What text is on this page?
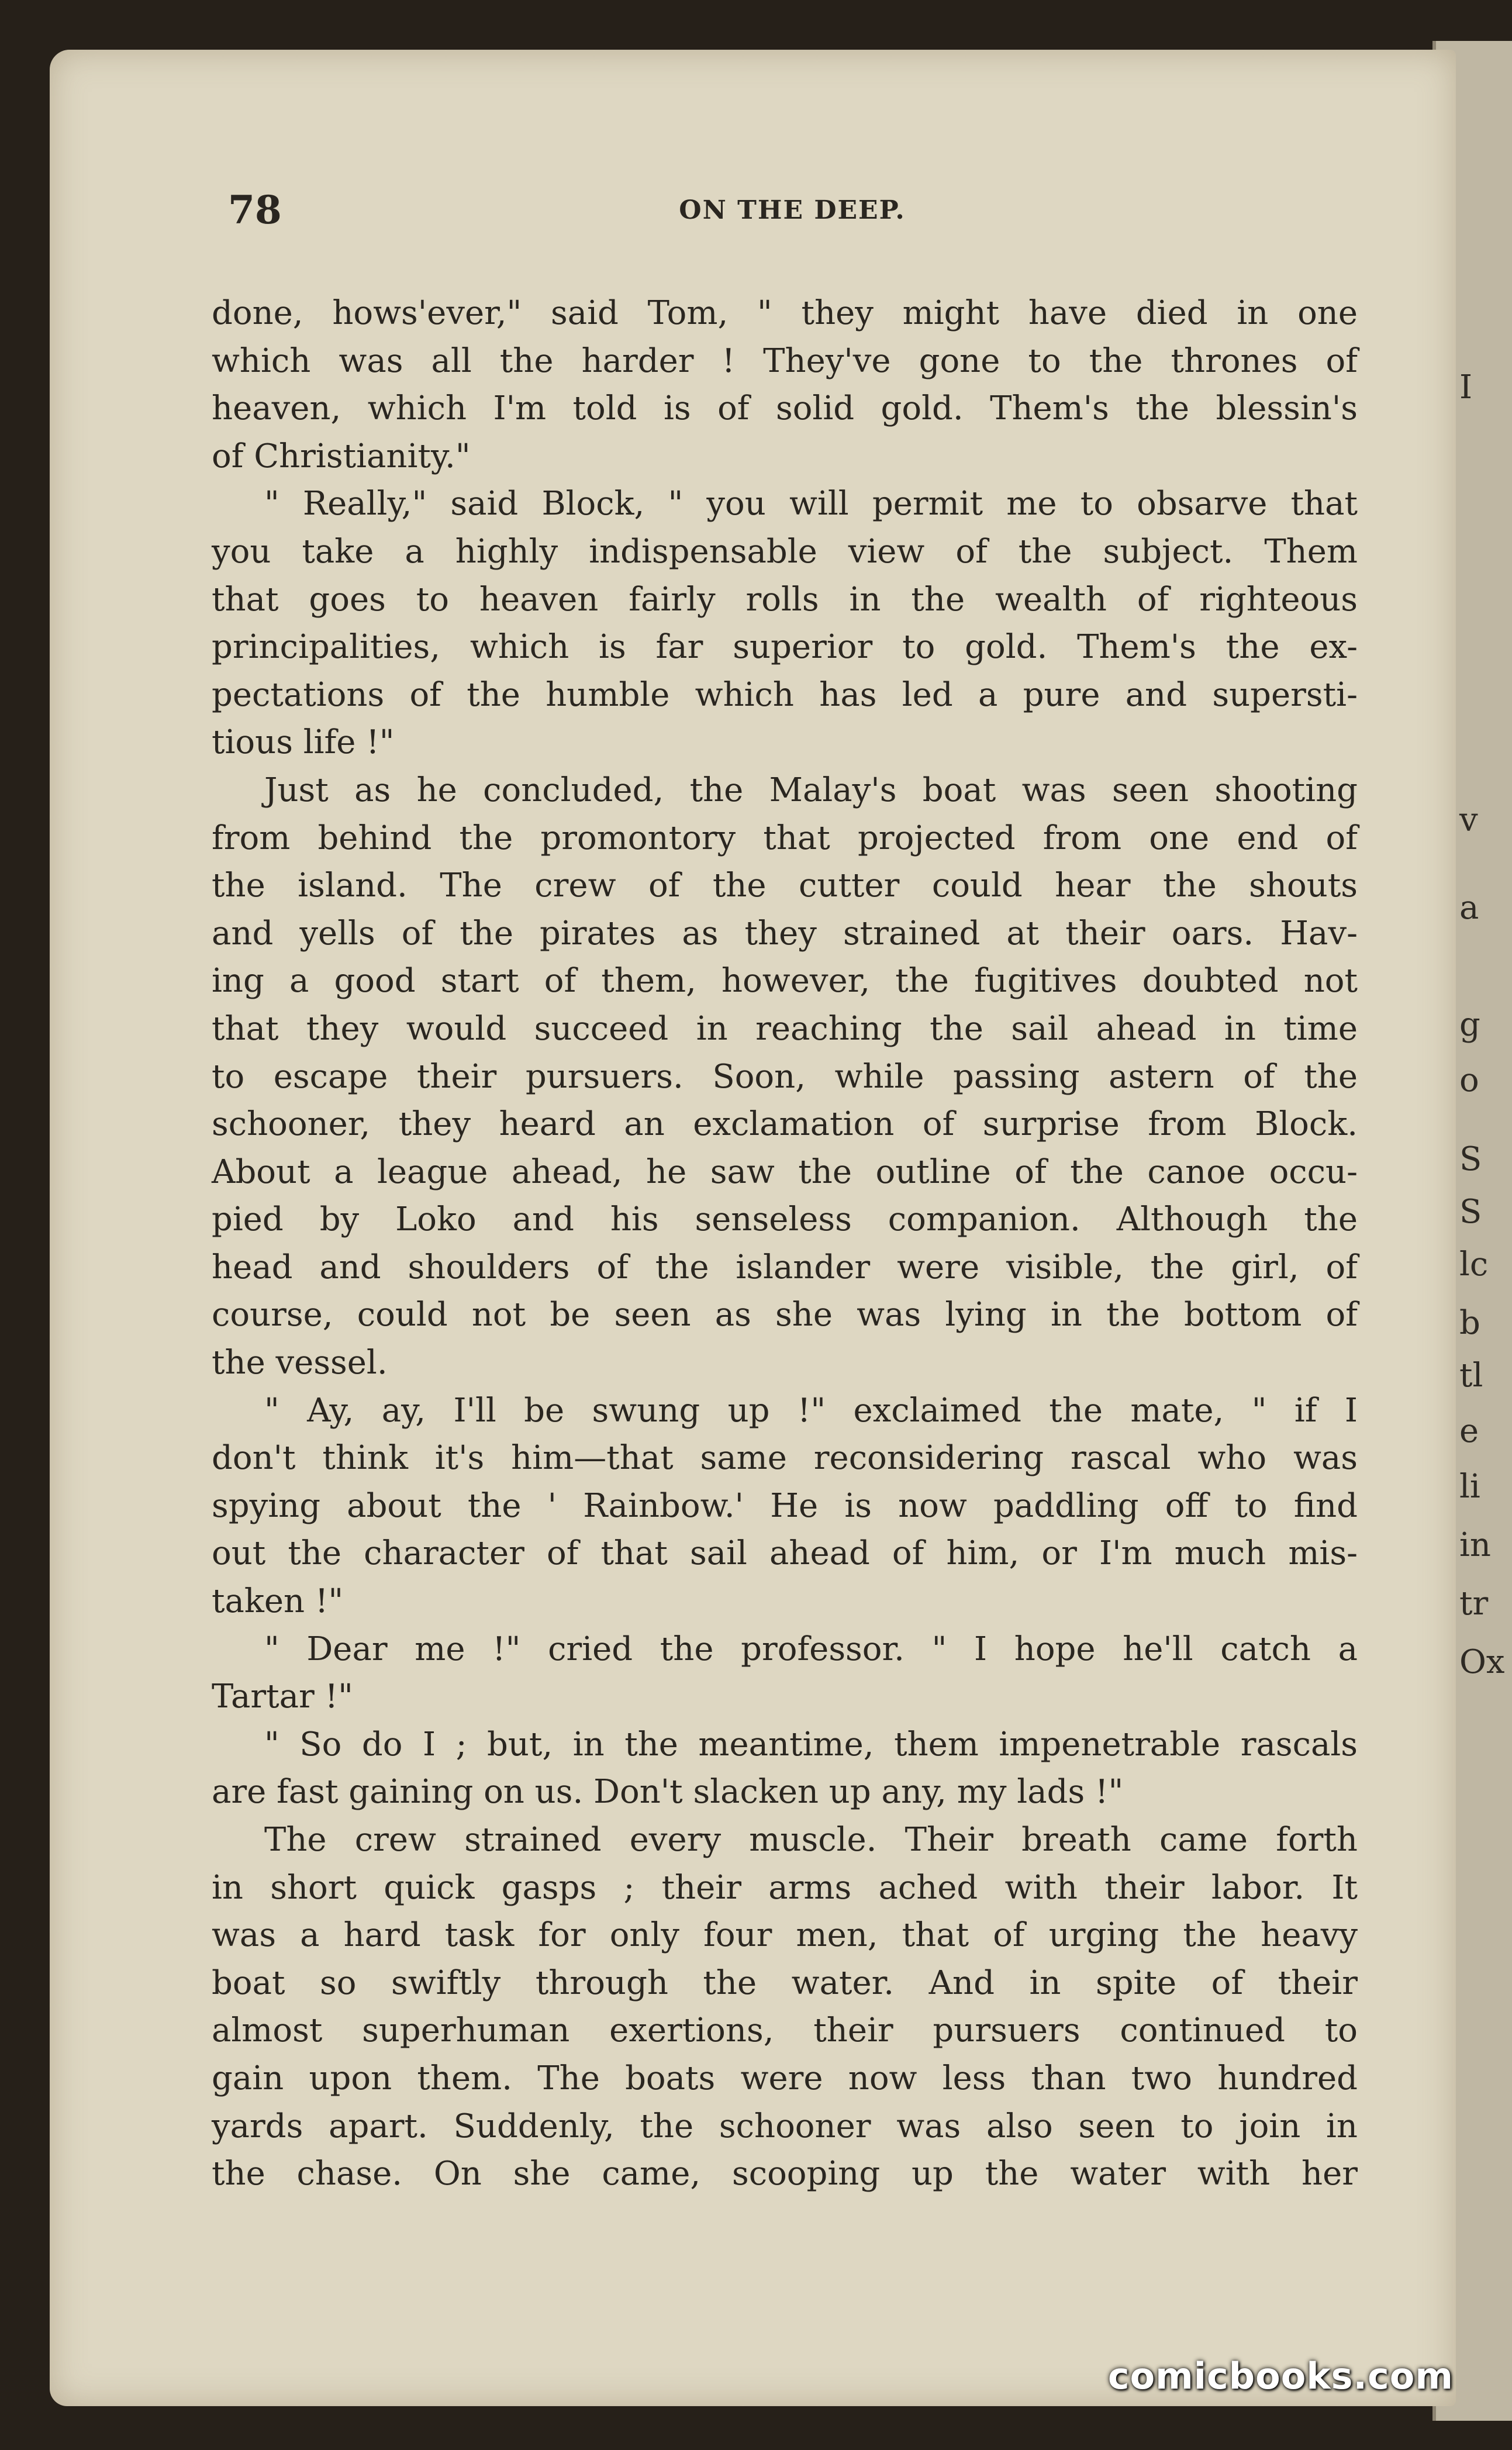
I
v
a
g
o
S
S
lc
b
tl
e
li
in
tr
Ox
78	ON THE DEEP.
done, hows'ever," said Tom, " they might have died in one
which was all the harder ! They've gone to the thrones of
heaven, which I'm told is of solid gold. Them's the blessin's
of Christianity."
" Really," said Block, " you will permit me to obsarve that
you take a highly indispensable view of the subject. Them
that goes to heaven fairly rolls in the wealth of righteous
principalities, which is far superior to gold. Them's the ex-
pectations of the humble which has led a pure and supersti-
tious life !"
Just as he concluded, the Malay's boat was seen shooting
from behind the promontory that projected from one end of
the island. The crew of the cutter could hear the shouts
and yells of the pirates as they strained at their oars. Hav-
ing a good start of them, however, the fugitives doubted not
that they would succeed in reaching the sail ahead in time
to escape their pursuers. Soon, while passing astern of the
schooner, they heard an exclamation of surprise from Block.
About a league ahead, he saw the outline of the canoe occu-
pied by Loko and his senseless companion. Although the
head and shoulders of the islander were visible, the girl, of
course, could not be seen as she was lying in the bottom of
the vessel.
" Ay, ay, I'll be swung up !" exclaimed the mate, " if I
don't think it's him—that same reconsidering rascal who was
spying about the ' Rainbow.' He is now paddling off to find
out the character of that sail ahead of him, or I'm much mis-
taken !"
" Dear me !" cried the professor. " I hope he'll catch a
Tartar !"
" So do I ; but, in the meantime, them impenetrable rascals
are fast gaining on us. Don't slacken up any, my lads !"
The crew strained every muscle. Their breath came forth
in short quick gasps ; their arms ached with their labor. It
was a hard task for only four men, that of urging the heavy
boat so swiftly through the water. And in spite of their
almost superhuman exertions, their pursuers continued to
gain upon them. The boats were now less than two hundred
yards apart. Suddenly, the schooner was also seen to join in
the chase. On she came, scooping up the water with her
comicbooks.com
